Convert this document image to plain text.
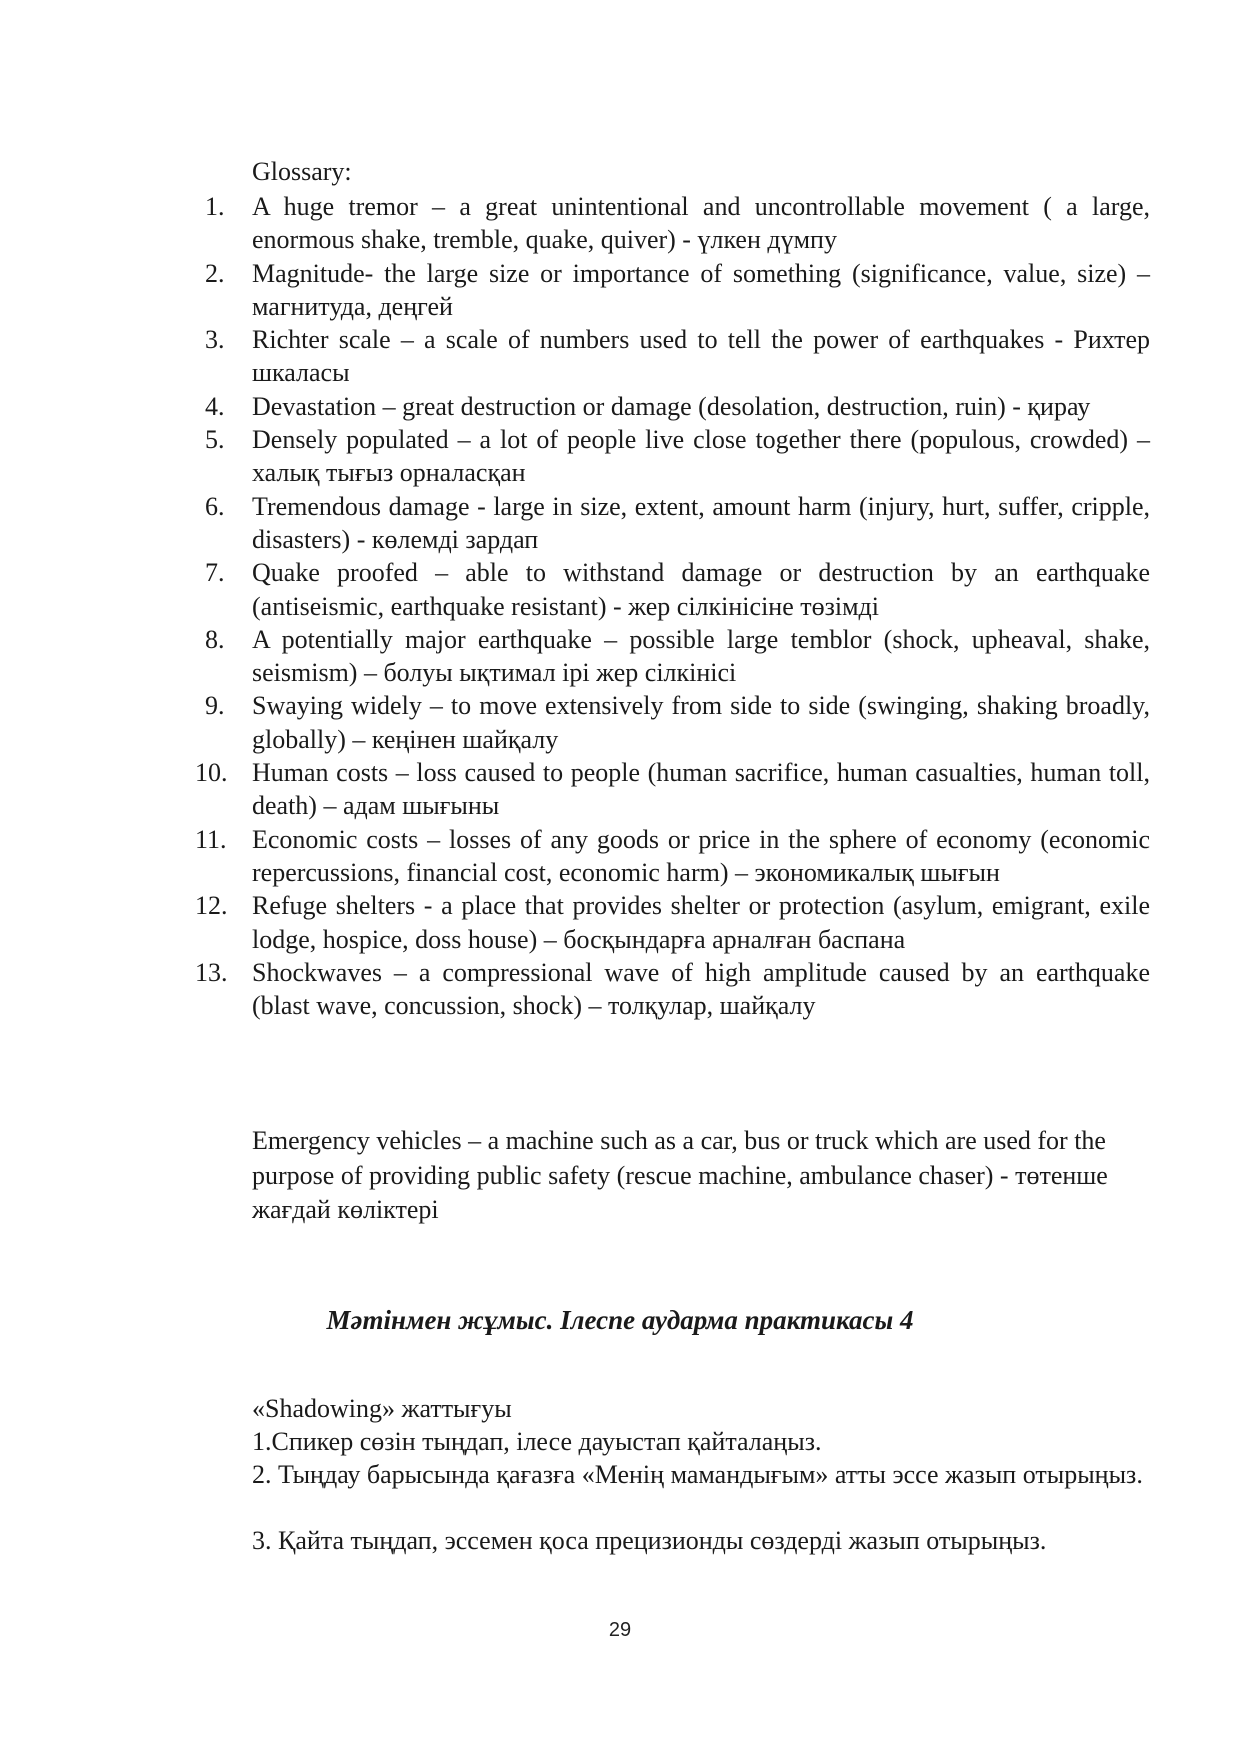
Glossary:
1.	A huge tremor – a great unintentional and uncontrollable movement ( a large, enormous shake, tremble, quake, quiver) - үлкен дүмпу
2.	Magnitude- the large size or importance of something (significance, value, size) – магнитуда, деңгей
3.	Richter scale – a scale of numbers used to tell the power of earthquakes - Рихтер шкаласы
4.	Devastation – great destruction or damage (desolation, destruction, ruin) - қирау
5.	Densely populated – a lot of people live close together there (populous, crowded) – халық тығыз орналасқан
6.	Tremendous damage - large in size, extent, amount harm (injury, hurt, suffer, cripple, disasters) - көлемді зардап
7.	Quake proofed – able to withstand damage or destruction by an earthquake (antiseismic, earthquake resistant) - жер сілкінісіне төзімді
8.	A potentially major earthquake – possible large temblor (shock, upheaval, shake, seismism) – болуы ықтимал ірі жер сілкінісі
9.	Swaying widely – to move extensively from side to side (swinging, shaking broadly, globally) – кеңінен шайқалу
10. Human costs – loss caused to people (human sacrifice, human casualties, human toll, death) – адам шығыны
11. Economic costs – losses of any goods or price in the sphere of economy (economic repercussions, financial cost, economic harm) – экономикалық шығын
12. Refuge shelters - a place that provides shelter or protection (asylum, emigrant, exile lodge, hospice, doss house) – босқындарға арналған баспана
13. Shockwaves – a compressional wave of high amplitude caused by an earthquake (blast wave, concussion, shock) – толқулар, шайқалу
Emergency vehicles – a machine such as a car, bus or truck which are used for the purpose of providing public safety (rescue machine, ambulance chaser) - төтенше жағдай көліктері
Мәтінмен жұмыс. Ілеспе аударма практикасы 4
«Shadowing» жаттығуы
1.Спикер сөзін тыңдап, ілесе дауыстап қайталаңыз.
2. Тыңдау барысында қағазға «Менің мамандығым» атты эссе жазып отырыңыз.
3. Қайта тыңдап, эссемен қоса прецизионды сөздерді жазып отырыңыз.
29
